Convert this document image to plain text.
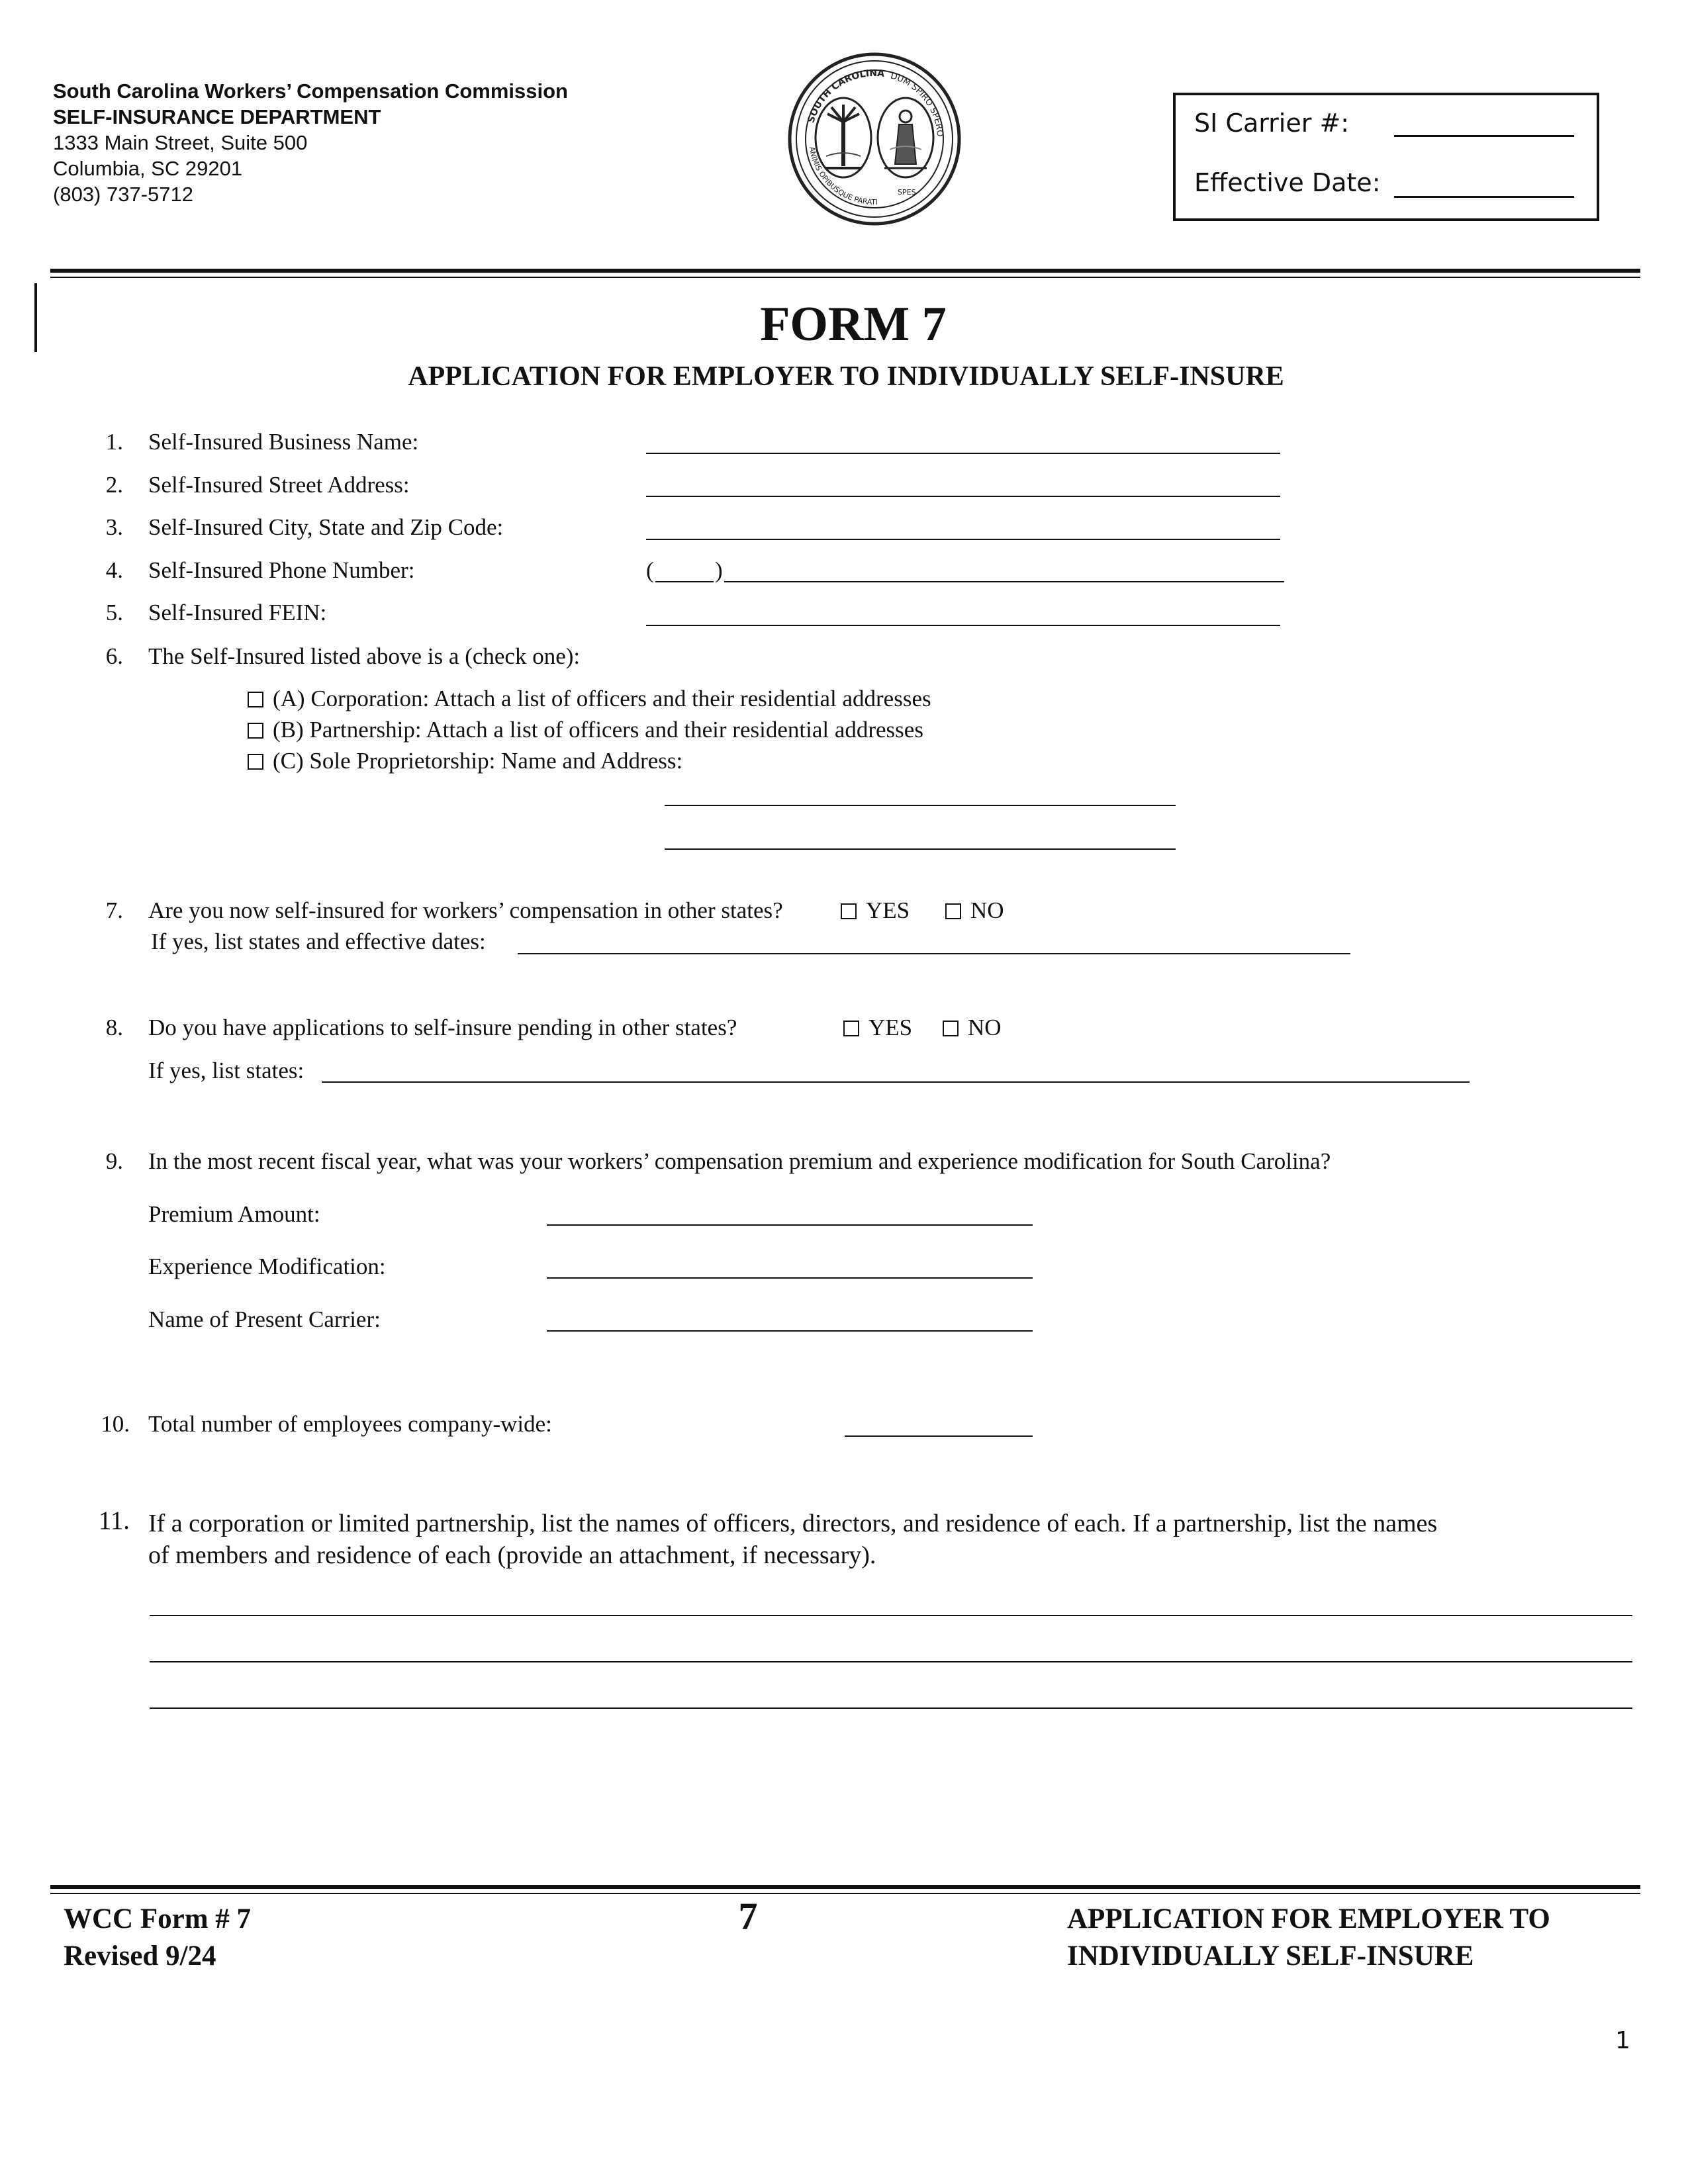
South Carolina Workers’ Compensation Commission
SELF-INSURANCE DEPARTMENT
1333 Main Street, Suite 500
Columbia, SC 29201
(803) 737-5712
SOUTH CAROLINA DUM SPIRO SPERO
ANIMIS OPIBUSQUE PARATI
SPES
SI Carrier #:
Effective Date:
FORM 7
APPLICATION FOR EMPLOYER TO INDIVIDUALLY SELF-INSURE
1. Self-Insured Business Name:
2. Self-Insured Street Address:
3. Self-Insured City, State and Zip Code:
4. Self-Insured Phone Number:	(	)
5. Self-Insured FEIN:
6. The Self-Insured listed above is a (check one):
(A) Corporation: Attach a list of officers and their residential addresses
(B) Partnership: Attach a list of officers and their residential addresses
(C) Sole Proprietorship: Name and Address:
7. Are you now self-insured for workers’ compensation in other states?	YES	NO
If yes, list states and effective dates:
8. Do you have applications to self-insure pending in other states?	YES	NO
If yes, list states:
9. In the most recent fiscal year, what was your workers’ compensation premium and experience modification for South Carolina?
Premium Amount:
Experience Modification:
Name of Present Carrier:
10. Total number of employees company-wide:
11. If a corporation or limited partnership, list the names of officers, directors, and residence of each. If a partnership, list the names
of members and residence of each (provide an attachment, if necessary).
WCC Form # 7
Revised 9/24
7	APPLICATION FOR EMPLOYER TO
INDIVIDUALLY SELF-INSURE
1
